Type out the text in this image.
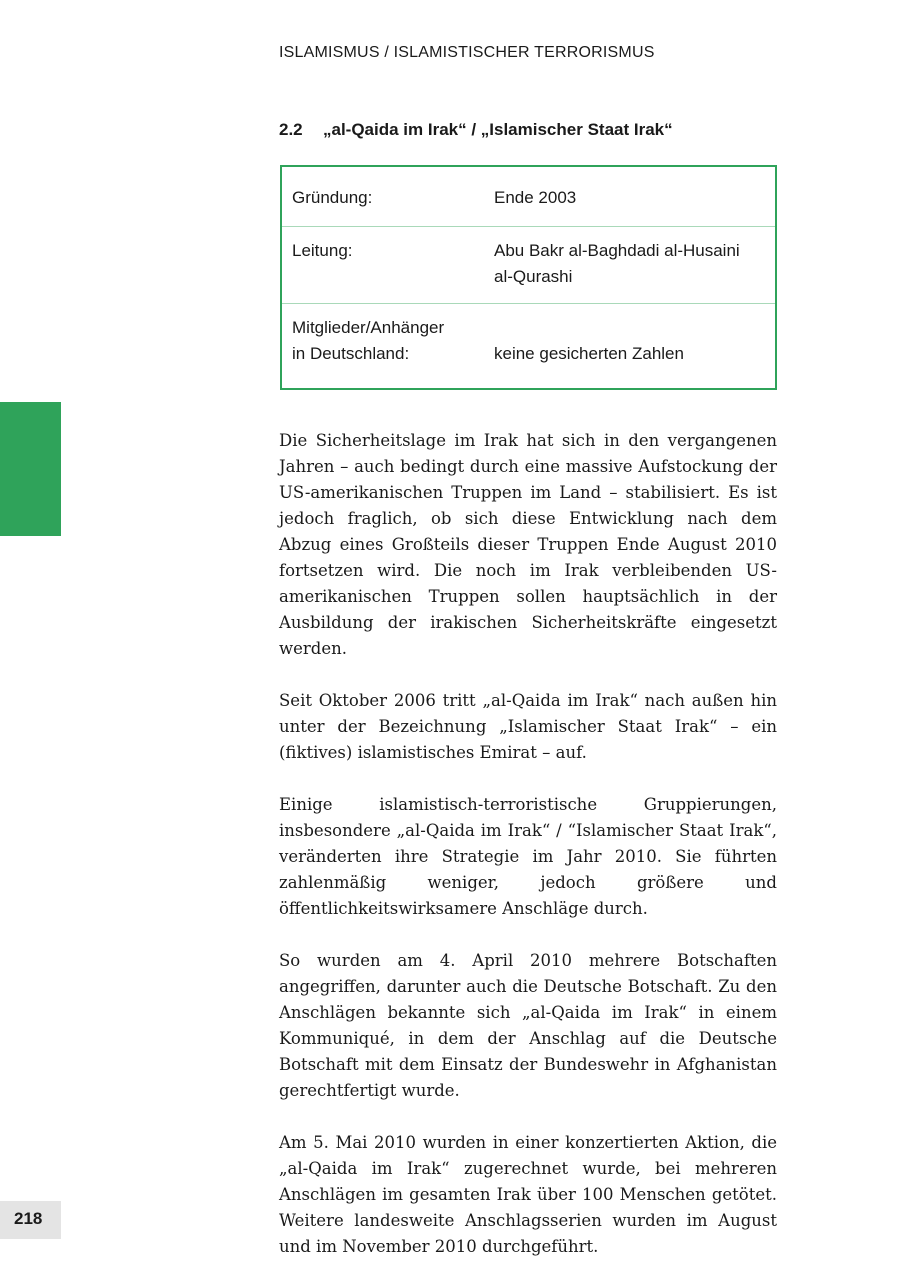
ISLAMISMUS / ISLAMISTISCHER TERRORISMUS
2.2 „al-Qaida im Irak“ / „Islamischer Staat Irak“
Gründung:	Ende 2003
Leitung:	Abu Bakr al-Baghdadi al-Husaini
al-Qurashi
Mitglieder/Anhänger
in Deutschland:	keine gesicherten Zahlen

Die Sicherheitslage im Irak hat sich in den vergangenen Jahren – auch bedingt durch eine massive Aufstockung der US-amerikanischen Truppen im Land – stabilisiert. Es ist jedoch fraglich, ob sich diese Entwicklung nach dem Abzug eines Großteils dieser Truppen Ende August 2010 fortsetzen wird. Die noch im Irak verbleibenden US-amerikanischen Truppen sollen hauptsächlich in der Ausbildung der irakischen Sicherheitskräfte eingesetzt werden.

Seit Oktober 2006 tritt „al-Qaida im Irak“ nach außen hin unter der Bezeichnung „Islamischer Staat Irak“ – ein (fiktives) islamistisches Emirat – auf.

Einige islamistisch-terroristische Gruppierungen, insbesondere „al-Qaida im Irak“ / “Islamischer Staat Irak“, veränderten ihre Strategie im Jahr 2010. Sie führten zahlenmäßig weniger, jedoch größere und öffentlichkeitswirksamere Anschläge durch.

So wurden am 4. April 2010 mehrere Botschaften angegriffen, darunter auch die Deutsche Botschaft. Zu den Anschlägen bekannte sich „al-Qaida im Irak“ in einem Kommuniqué, in dem der Anschlag auf die Deutsche Botschaft mit dem Einsatz der Bundeswehr in Afghanistan gerechtfertigt wurde.

Am 5. Mai 2010 wurden in einer konzertierten Aktion, die „al-Qaida im Irak“ zugerechnet wurde, bei mehreren Anschlägen im gesamten Irak über 100 Menschen getötet. Weitere landesweite Anschlagsserien wurden im August und im November 2010 durchgeführt.

218
